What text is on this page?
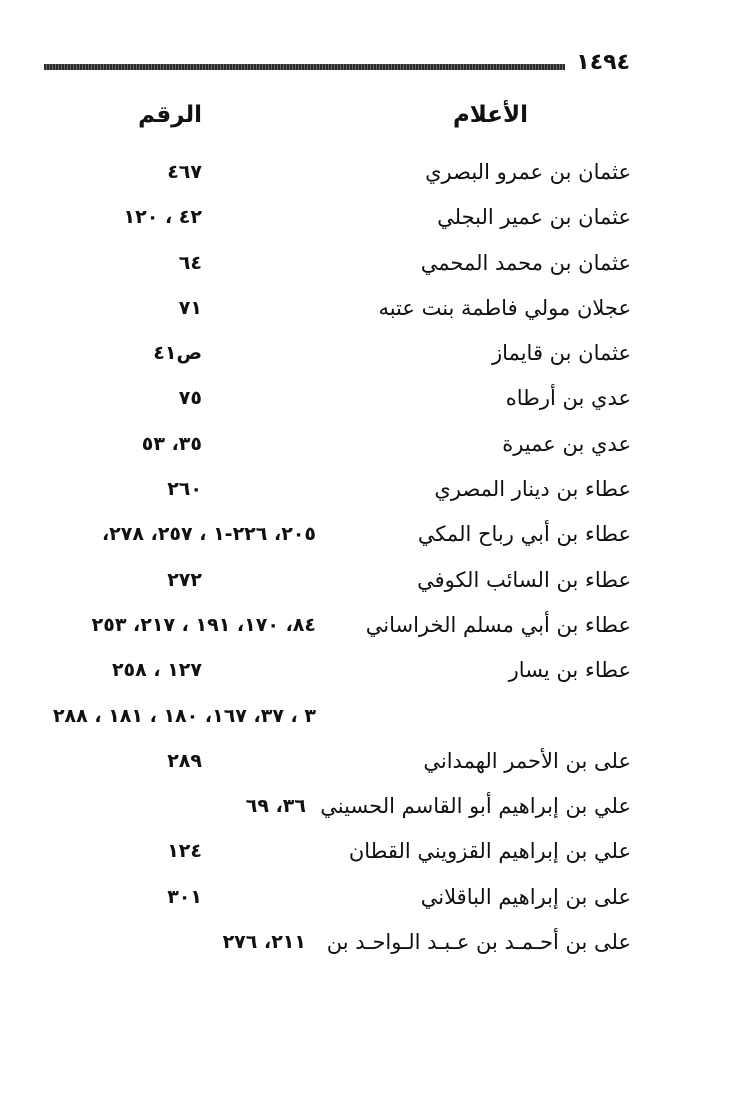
١٤٩٤
الأعلام
الرقم
عثمان بن عمرو البصري
٤٦٧
عثمان بن عمير البجلي
٤٢ ، ١٢٠
عثمان بن محمد المحمي
٦٤
عجلان مولي فاطمة بنت عتبه
٧١
عثمان بن قايماز
ص٤١
عدي بن أرطاه
٧٥
عدي بن عميرة
٣٥، ٥٣
عطاء بن دينار المصري
٢٦٠
عطاء بن أبي رباح المكي
٢٠٥، ٢٢٦-١ ، ٢٥٧، ٢٧٨،
عطاء بن السائب الكوفي
٢٧٢
عطاء بن أبي مسلم الخراساني
٨٤، ١٧٠، ١٩١ ، ٢١٧، ٢٥٣
عطاء بن يسار
١٢٧ ، ٢٥٨
٣ ، ٣٧، ١٦٧، ١٨٠ ، ١٨١ ، ٢٨٨
على بن الأحمر الهمداني
٢٨٩
علي بن إبراهيم أبو القاسم الحسيني
٣٦، ٦٩
علي بن إبراهيم القزويني القطان
١٢٤
على بن إبراهيم الباقلاني
٣٠١
على بن أحـمـد بن عـبـد الـواحـد بن
٢١١، ٢٧٦
